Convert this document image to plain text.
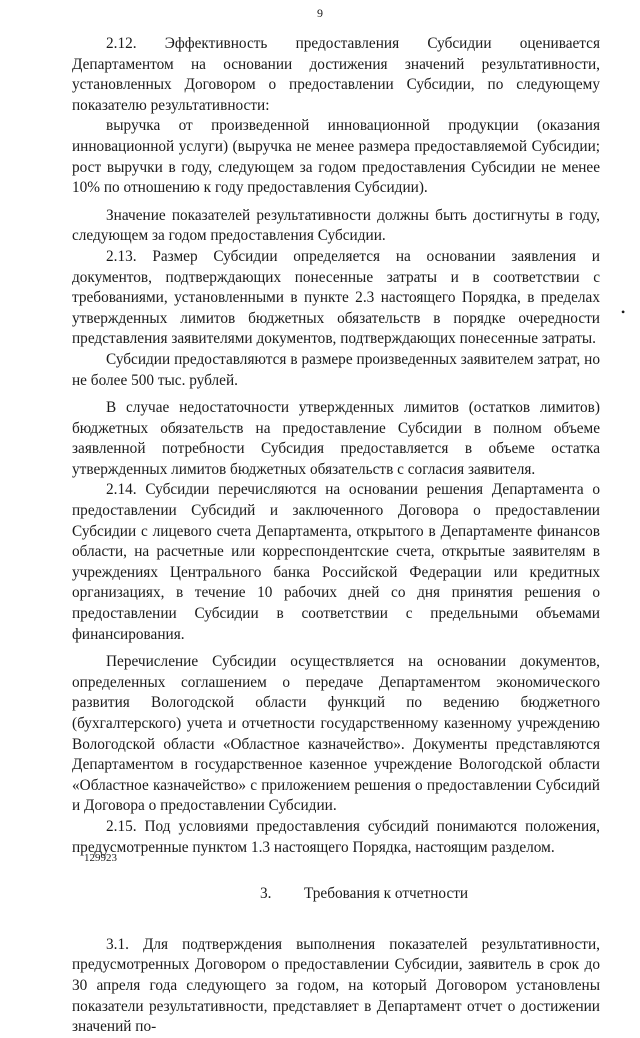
9
•

2.12. Эффективность предоставления Субсидии оценивается Департаментом на основании достижения значений результативности, установленных Договором о предоставлении Субсидии, по следующему показателю результативности:

выручка от произведенной инновационной продукции (оказания инновационной услуги) (выручка не менее размера предоставляемой Субсидии; рост выручки в году, следующем за годом предоставления Субсидии не менее 10% по отношению к году предоставления Субсидии).

Значение показателей результативности должны быть достигнуты в году, следующем за годом предоставления Субсидии.

2.13. Размер Субсидии определяется на основании заявления и документов, подтверждающих понесенные затраты и в соответствии с требованиями, установленными в пункте 2.3 настоящего Порядка, в пределах утвержденных лимитов бюджетных обязательств в порядке очередности представления заявителями документов, подтверждающих понесенные затраты.

Субсидии предоставляются в размере произведенных заявителем затрат, но не более 500 тыс. рублей.

В случае недостаточности утвержденных лимитов (остатков лимитов) бюджетных обязательств на предоставление Субсидии в полном объеме заявленной потребности Субсидия предоставляется в объеме остатка утвержденных лимитов бюджетных обязательств с согласия заявителя.

2.14. Субсидии перечисляются на основании решения Департамента о предоставлении Субсидий и заключенного Договора о предоставлении Субсидии с лицевого счета Департамента, открытого в Департаменте финансов области, на расчетные или корреспондентские счета, открытые заявителям в учреждениях Центрального банка Российской Федерации или кредитных организациях, в течение 10 рабочих дней со дня принятия решения о предоставлении Субсидии в соответствии с предельными объемами финансирования.

Перечисление Субсидии осуществляется на основании документов, определенных соглашением о передаче Департаментом экономического развития Вологодской области функций по ведению бюджетного (бухгалтерского) учета и отчетности государственному казенному учреждению Вологодской области «Областное казначейство». Документы представляются Департаментом в государственное казенное учреждение Вологодской области «Областное казначейство» с приложением решения о предоставлении Субсидий и Договора о предоставлении Субсидии.

2.15. Под условиями предоставления субсидий понимаются положения, предусмотренные пунктом 1.3 настоящего Порядка, настоящим разделом.

3. Требования к отчетности

3.1. Для подтверждения выполнения показателей результативности, предусмотренных Договором о предоставлении Субсидии, заявитель в срок до 30 апреля года следующего за годом, на который Договором установлены показатели результативности, представляет в Департамент отчет о достижении значений по-

129923
